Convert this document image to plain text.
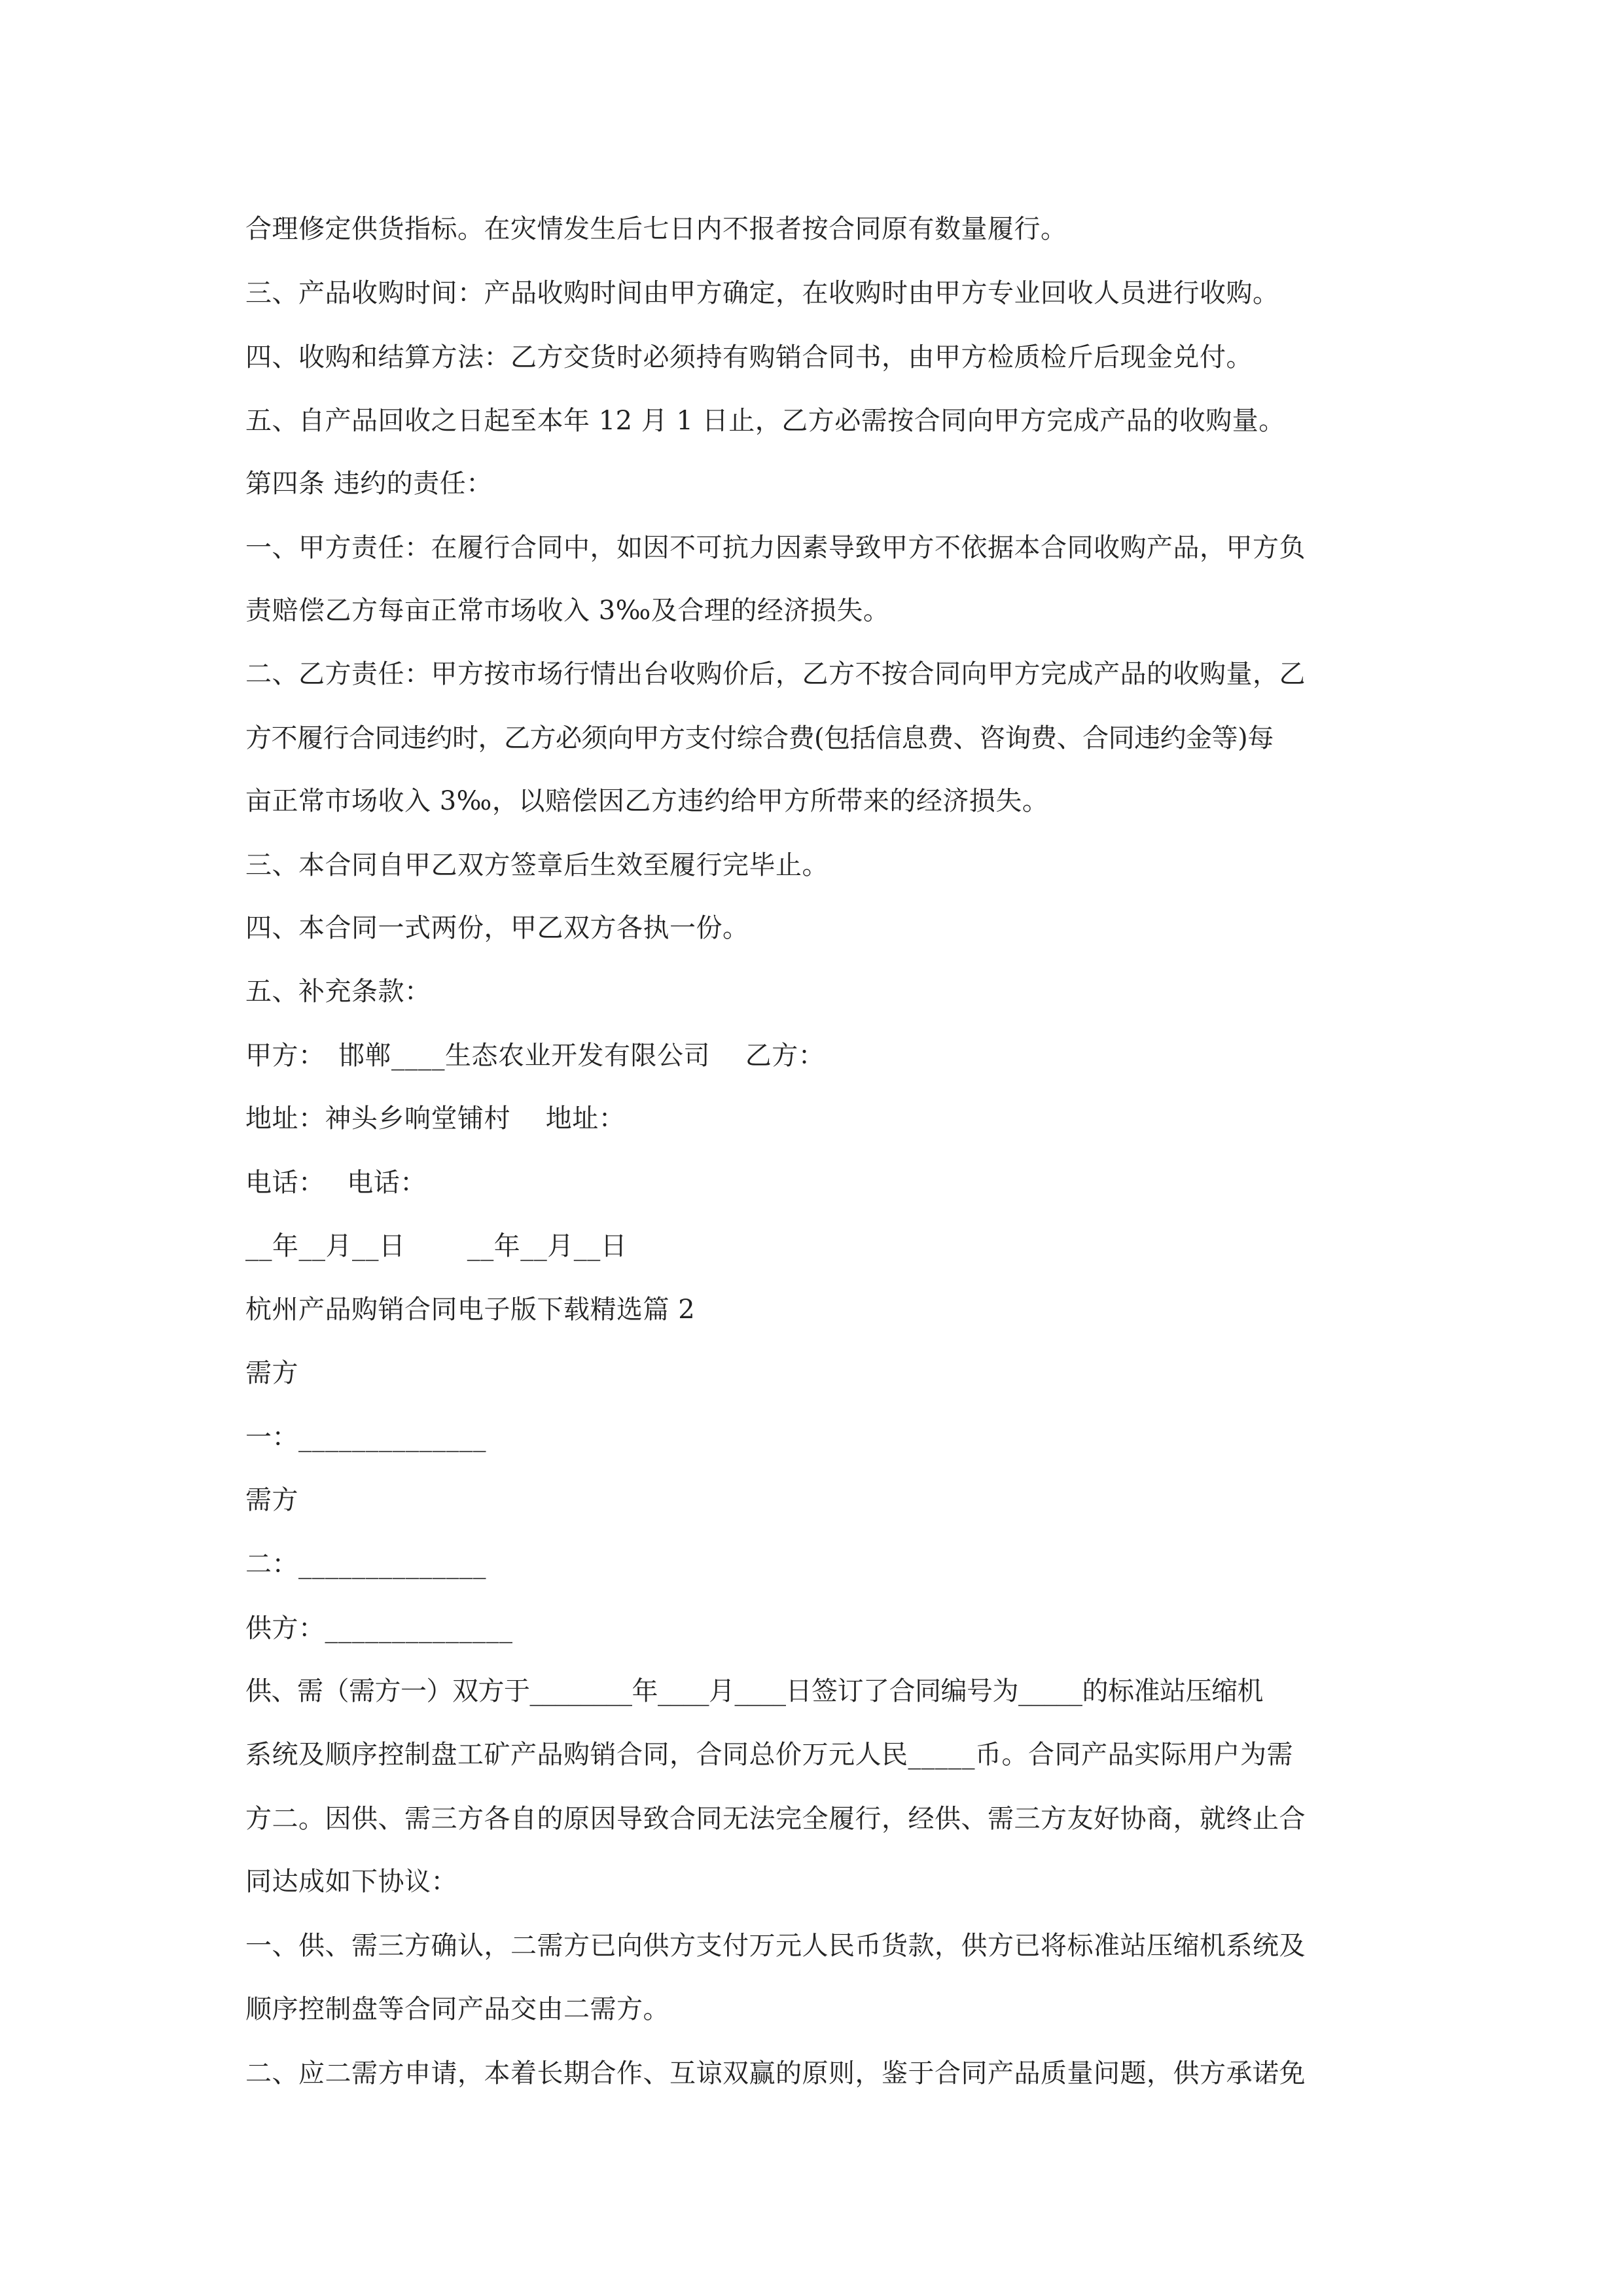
合理修定供货指标。在灾情发生后七日内不报者按合同原有数量履行。

三、产品收购时间：产品收购时间由甲方确定，在收购时由甲方专业回收人员进行收购。

四、收购和结算方法：乙方交货时必须持有购销合同书，由甲方检质检斤后现金兑付。

五、自产品回收之日起至本年 12 月 1 日止，乙方必需按合同向甲方完成产品的收购量。

第四条 违约的责任：

一、甲方责任：在履行合同中，如因不可抗力因素导致甲方不依据本合同收购产品，甲方负

责赔偿乙方每亩正常市场收入 3‰及合理的经济损失。

二、乙方责任：甲方按市场行情出台收购价后，乙方不按合同向甲方完成产品的收购量，乙

方不履行合同违约时，乙方必须向甲方支付综合费(包括信息费、咨询费、合同违约金等)每

亩正常市场收入 3‰，以赔偿因乙方违约给甲方所带来的经济损失。

三、本合同自甲乙双方签章后生效至履行完毕止。

四、本合同一式两份，甲乙双方各执一份。

五、补充条款：

甲方：　邯郸____生态农业开发有限公司　 乙方：

地址：神头乡响堂铺村　 地址：

电话：　 电话：

__年__月__日　　 __年__月__日

杭州产品购销合同电子版下载精选篇 2

需方

一：______________

需方

二：______________

供方：______________

供、需（需方一）双方于________年____月____日签订了合同编号为_____的标准站压缩机

系统及顺序控制盘工矿产品购销合同，合同总价万元人民_____币。合同产品实际用户为需

方二。因供、需三方各自的原因导致合同无法完全履行，经供、需三方友好协商，就终止合

同达成如下协议：

一、供、需三方确认，二需方已向供方支付万元人民币货款，供方已将标准站压缩机系统及

顺序控制盘等合同产品交由二需方。

二、应二需方申请，本着长期合作、互谅双赢的原则，鉴于合同产品质量问题，供方承诺免
